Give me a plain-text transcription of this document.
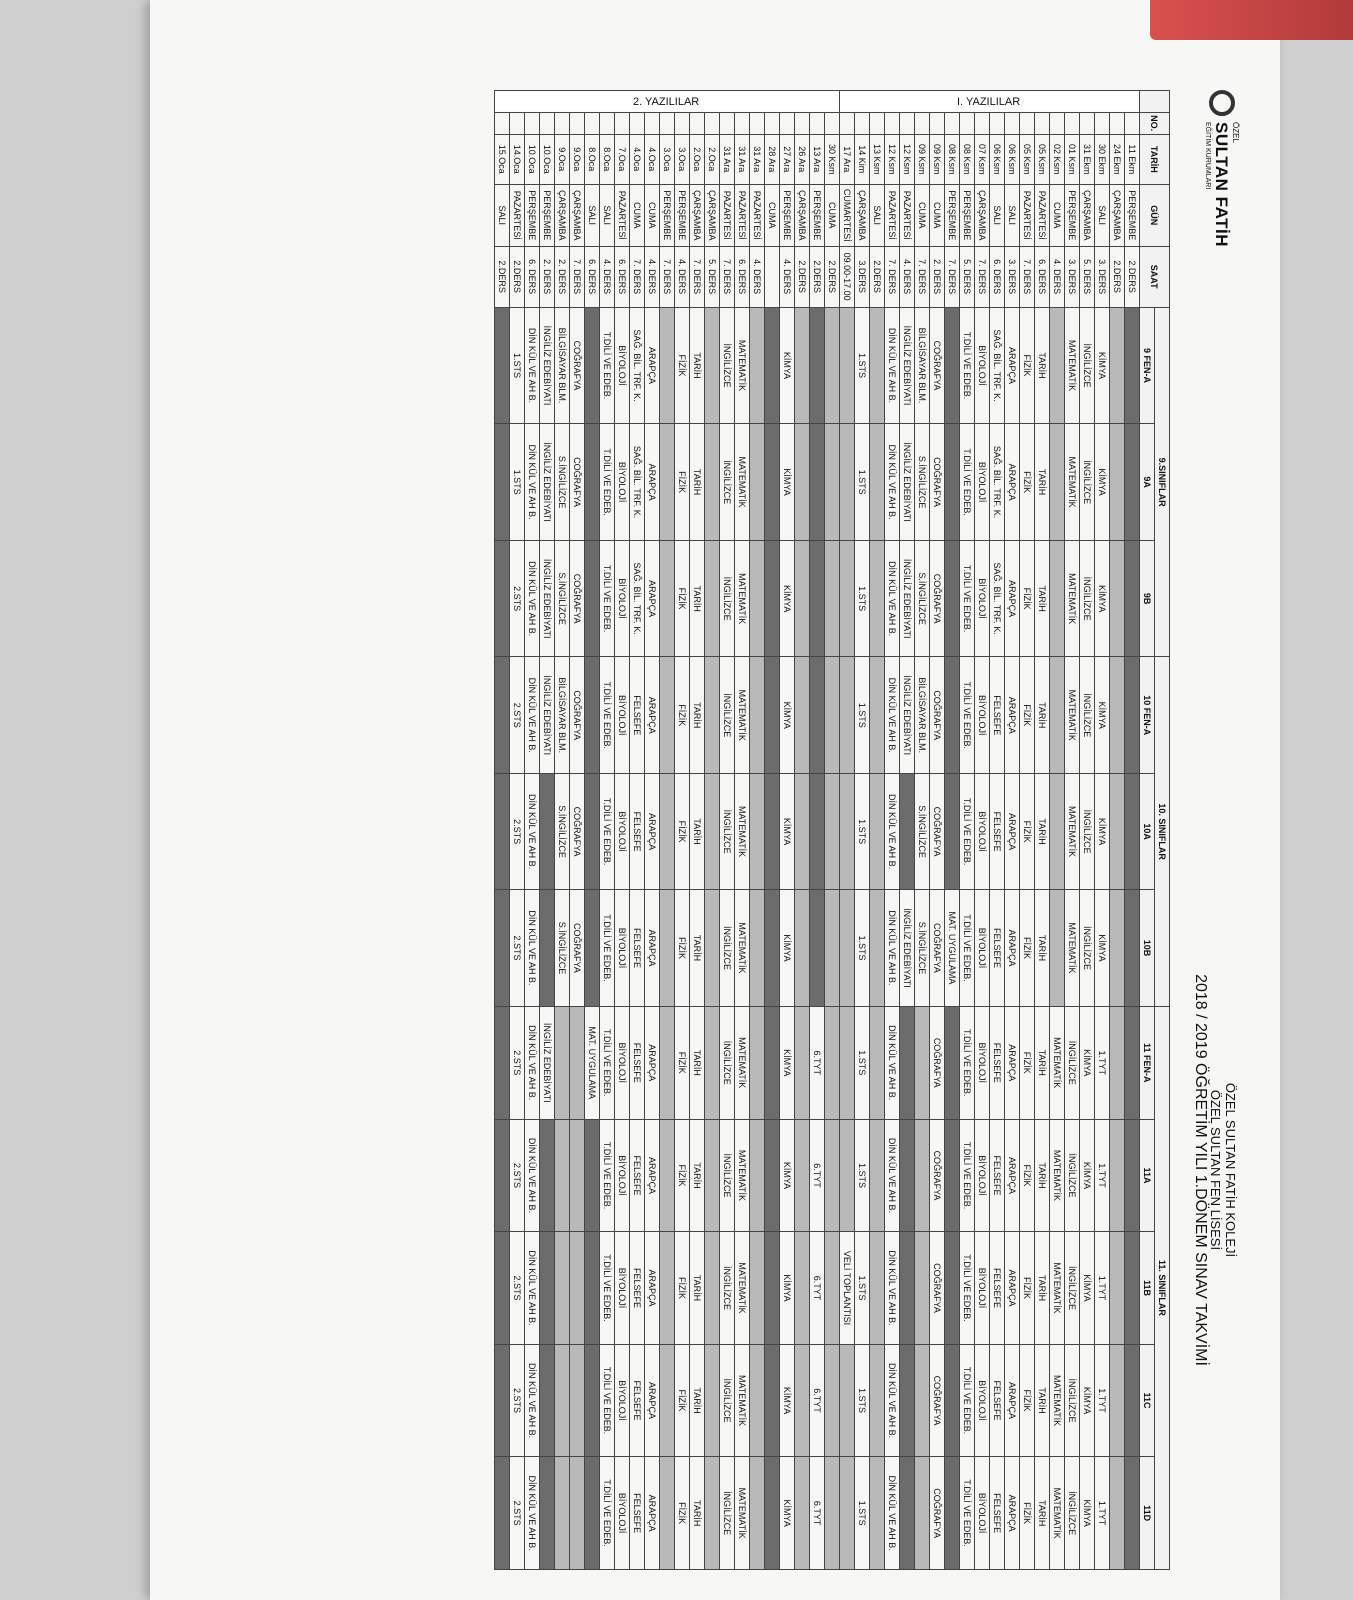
ÖZEL
SULTAN FATİH
EĞİTİM KURUMLARI
ÖZEL SULTAN FATİH KOLEJİ
ÖZEL SULTAN FEN LİSESİ
2018 / 2019 ÖĞRETİM YILI 1.DÖNEM SINAV TAKVİMİ
	NO.	TARİH	GÜN	SAAT	9.SINIFLAR			10. SINIFLAR			11. SINIFLAR				
					9 FEN-A	9A	9B	10 FEN-A	10A	10B	11 FEN-A	11A	11B	11C	11D
I. YAZILILAR		11 Ekm	PERŞEMBE	2.DERS											
		24 Ekm	ÇARŞAMBA	2.DERS											
		30 Ekm	SALI	3. DERS	KİMYA	KİMYA	KİMYA	KİMYA	KİMYA	KİMYA	1.TYT	1.TYT	1.TYT	1.TYT	1.TYT
		31 Ekm	ÇARŞAMBA	5. DERS	İNGİLİZCE	İNGİLİZCE	İNGİLİZCE	İNGİLİZCE	İNGİLİZCE	İNGİLİZCE	KİMYA	KİMYA	KİMYA	KİMYA	KİMYA
		01 Ksm	PERŞEMBE	3. DERS	MATEMATİK	MATEMATİK	MATEMATİK	MATEMATİK	MATEMATİK	MATEMATİK	İNGİLİZCE	İNGİLİZCE	İNGİLİZCE	İNGİLİZCE	İNGİLİZCE
		02 Ksm	CUMA	4. DERS							MATEMATİK	MATEMATİK	MATEMATİK	MATEMATİK	MATEMATİK
		05 Ksm	PAZARTESİ	6. DERS	TARİH	TARİH	TARİH	TARİH	TARİH	TARİH	TARİH	TARİH	TARİH	TARİH	TARİH
		05 Ksm	PAZARTESİ	7. DERS	FİZİK	FİZİK	FİZİK	FİZİK	FİZİK	FİZİK	FİZİK	FİZİK	FİZİK	FİZİK	FİZİK
		06 Ksm	SALI	3. DERS	ARAPÇA	ARAPÇA	ARAPÇA	ARAPÇA	ARAPÇA	ARAPÇA	ARAPÇA	ARAPÇA	ARAPÇA	ARAPÇA	ARAPÇA
		06 Ksm	SALI	6. DERS	SAĞ. BİL. TRF. K.	SAĞ. BİL. TRF. K.	SAĞ. BİL. TRF. K.	FELSEFE	FELSEFE	FELSEFE	FELSEFE	FELSEFE	FELSEFE	FELSEFE	FELSEFE
		07 Ksm	ÇARŞAMBA	7. DERS	BİYOLOJİ	BİYOLOJİ	BİYOLOJİ	BİYOLOJİ	BİYOLOJİ	BİYOLOJİ	BİYOLOJİ	BİYOLOJİ	BİYOLOJİ	BİYOLOJİ	BİYOLOJİ
		08 Ksm	PERŞEMBE	5. DERS	T.DİLİ VE EDEB.	T.DİLİ VE EDEB.	T.DİLİ VE EDEB.	T.DİLİ VE EDEB.	T.DİLİ VE EDEB.	T.DİLİ VE EDEB.	T.DİLİ VE EDEB.	T.DİLİ VE EDEB.	T.DİLİ VE EDEB.	T.DİLİ VE EDEB.	T.DİLİ VE EDEB.
		08 Ksm	PERŞEMBE	7. DERS						MAT. UYGULAMA					
		09 Ksm	CUMA	2. DERS	COĞRAFYA	COĞRAFYA	COĞRAFYA	COĞRAFYA	COĞRAFYA	COĞRAFYA	COĞRAFYA	COĞRAFYA	COĞRAFYA	COĞRAFYA	COĞRAFYA
		09 Ksm	CUMA	7. DERS	BİLGİSAYAR BLM.	S.İNGİLİZCE	S.İNGİLİZCE	BİLGİSAYAR BLM.	S.İNGİLİZCE	S.İNGİLİZCE					
		12 Ksm	PAZARTESİ	4. DERS	İNGİLİZ EDEBİYATI	İNGİLİZ EDEBİYATI	İNGİLİZ EDEBİYATI	İNGİLİZ EDEBİYATI		İNGİLİZ EDEBİYATI					
		12 Ksm	PAZARTESİ	7. DERS	DİN KÜL VE AH B.	DİN KÜL VE AH B.	DİN KÜL VE AH B.	DİN KÜL VE AH B.	DİN KÜL VE AH B.	DİN KÜL VE AH B.	DİN KÜL VE AH B.	DİN KÜL VE AH B.	DİN KÜL VE AH B.	DİN KÜL VE AH B.	DİN KÜL VE AH B.
		13 Ksm	SALI	2.DERS											
		14 Kim	ÇARŞAMBA	3.DERS	1.STS	1.STS	1.STS	1.STS	1.STS	1.STS	1.STS	1.STS	1.STS	1.STS	1.STS
		17 Ara	CUMARTESİ	09.00-17.00									VELİ TOPLANTISI		
2. YAZILILAR		30 Ksm	CUMA	2.DERS											
		13 Ara	PERŞEMBE	2.DERS							6.TYT	6.TYT	6.TYT	6.TYT	6.TYT
		26 Ara	ÇARŞAMBA	2.DERS											
		27 Ara	PERŞEMBE	4. DERS	KİMYA	KİMYA	KİMYA	KİMYA	KİMYA	KİMYA	KİMYA	KİMYA	KİMYA	KİMYA	KİMYA
		28 Ara	CUMA												
		31 Ara	PAZARTESİ	4. DERS											
		31 Ara	PAZARTESİ	6. DERS	MATEMATİK	MATEMATİK	MATEMATİK	MATEMATİK	MATEMATİK	MATEMATİK	MATEMATİK	MATEMATİK	MATEMATİK	MATEMATİK	MATEMATİK
		31 Ara	PAZARTESİ	7. DERS	İNGİLİZCE	İNGİLİZCE	İNGİLİZCE	İNGİLİZCE	İNGİLİZCE	İNGİLİZCE	İNGİLİZCE	İNGİLİZCE	İNGİLİZCE	İNGİLİZCE	İNGİLİZCE
		2.Oca	ÇARŞAMBA	5. DERS											
		2.Oca	ÇARŞAMBA	7. DERS	TARİH	TARİH	TARİH	TARİH	TARİH	TARİH	TARİH	TARİH	TARİH	TARİH	TARİH
		3.Oca	PERŞEMBE	4. DERS	FİZİK	FİZİK	FİZİK	FİZİK	FİZİK	FİZİK	FİZİK	FİZİK	FİZİK	FİZİK	FİZİK
		3.Oca	PERŞEMBE	7. DERS											
		4.Oca	CUMA	4. DERS	ARAPÇA	ARAPÇA	ARAPÇA	ARAPÇA	ARAPÇA	ARAPÇA	ARAPÇA	ARAPÇA	ARAPÇA	ARAPÇA	ARAPÇA
		4.Oca	CUMA	7. DERS	SAĞ. BİL. TRF. K.	SAĞ. BİL. TRF. K.	SAĞ. BİL. TRF. K.	FELSEFE	FELSEFE	FELSEFE	FELSEFE	FELSEFE	FELSEFE	FELSEFE	FELSEFE
		7.Oca	PAZARTESİ	6. DERS	BİYOLOJİ	BİYOLOJİ	BİYOLOJİ	BİYOLOJİ	BİYOLOJİ	BİYOLOJİ	BİYOLOJİ	BİYOLOJİ	BİYOLOJİ	BİYOLOJİ	BİYOLOJİ
		8.Oca	SALI	4. DERS	T.DİLİ VE EDEB.	T.DİLİ VE EDEB.	T.DİLİ VE EDEB.	T.DİLİ VE EDEB.	T.DİLİ VE EDEB.	T.DİLİ VE EDEB.	T.DİLİ VE EDEB.	T.DİLİ VE EDEB.	T.DİLİ VE EDEB.	T.DİLİ VE EDEB.	T.DİLİ VE EDEB.
		8.Oca	SALI	6. DERS							MAT. UYGULAMA				
		9.Oca	ÇARŞAMBA	7. DERS	COĞRAFYA	COĞRAFYA	COĞRAFYA	COĞRAFYA	COĞRAFYA	COĞRAFYA					
		9.Oca	ÇARŞAMBA	2. DERS	BİLGİSAYAR BLM.	S.İNGİLİZCE	S.İNGİLİZCE	BİLGİSAYAR BLM.	S.İNGİLİZCE	S.İNGİLİZCE					
		10.Oca	PERŞEMBE	2. DERS	İNGİLİZ EDEBİYATI	İNGİLİZ EDEBİYATI	İNGİLİZ EDEBİYATI	İNGİLİZ EDEBİYATI			İNGİLİZ EDEBİYATI				
		10.Oca	PERŞEMBE	6. DERS	DİN KÜL VE AH B.	DİN KÜL VE AH B.	DİN KÜL VE AH B.	DİN KÜL VE AH B.	DİN KÜL VE AH B.	DİN KÜL VE AH B.	DİN KÜL VE AH B.	DİN KÜL VE AH B.	DİN KÜL VE AH B.	DİN KÜL VE AH B.	DİN KÜL VE AH B.
		14.Oca	PAZARTESİ	2.DERS	1.STS	1.STS	2.STS	2.STS	2.STS	2.STS	2.STS	2.STS	2.STS	2.STS	2.STS
		15.Oca	SALI	2.DERS											
